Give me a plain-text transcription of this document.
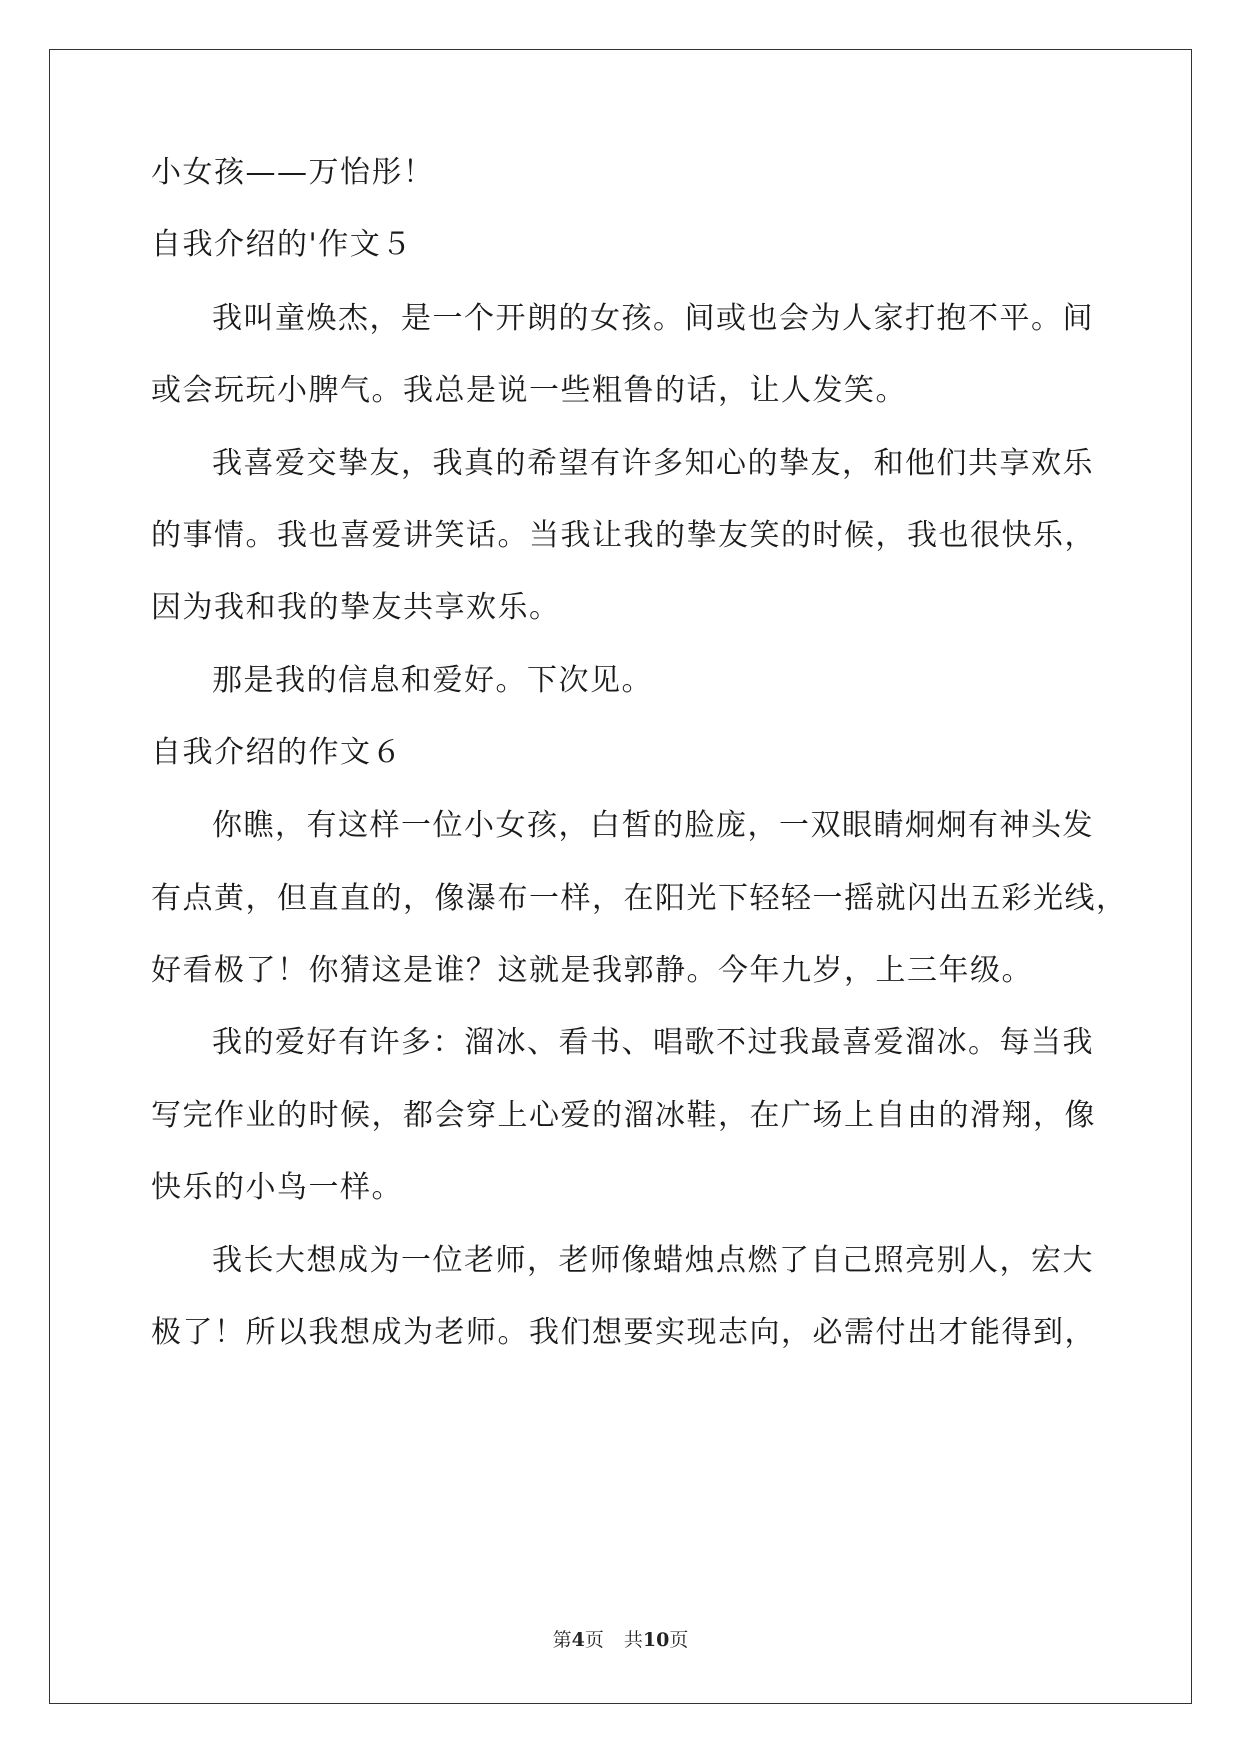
小女孩——万怡彤！
自我介绍的'作文５
我叫童焕杰，是一个开朗的女孩。间或也会为人家打抱不平。间
或会玩玩小脾气。我总是说一些粗鲁的话，让人发笑。
我喜爱交挚友，我真的希望有许多知心的挚友，和他们共享欢乐
的事情。我也喜爱讲笑话。当我让我的挚友笑的时候，我也很快乐，
因为我和我的挚友共享欢乐。
那是我的信息和爱好。下次见。
自我介绍的作文６
你瞧，有这样一位小女孩，白皙的脸庞，一双眼睛炯炯有神头发
有点黄，但直直的，像瀑布一样，在阳光下轻轻一摇就闪出五彩光线，
好看极了！你猜这是谁？这就是我郭静。今年九岁，上三年级。
我的爱好有许多：溜冰、看书、唱歌不过我最喜爱溜冰。每当我
写完作业的时候，都会穿上心爱的溜冰鞋，在广场上自由的滑翔，像
快乐的小鸟一样。
我长大想成为一位老师，老师像蜡烛点燃了自己照亮别人，宏大
极了！所以我想成为老师。我们想要实现志向，必需付出才能得到，
第4页 共10页
